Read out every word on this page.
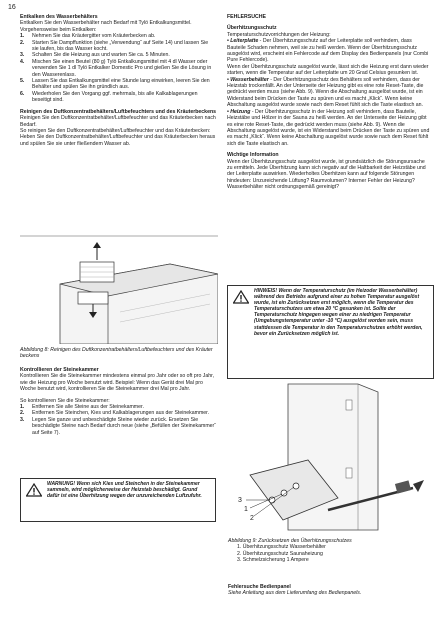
16
Entkalken des Wasserbehälters
Entkalken Sie den Wasserbehälter nach Bedarf mit Tylö Entkalkungsmittel.
Vorgehensweise beim Entkalken:
1. Nehmen Sie das Kräutergitter vom Kräuterbecken ab.
2. Starten Sie Dampffunktion (siehe „Verwendung“ auf Seite 14) und lassen Sie sie laufen, bis das Wasser kocht.
3. Schalten Sie die Heizung aus und warten Sie ca. 5 Minuten.
4. Mischen Sie einen Beutel (80 g) Tylö Entkalkungsmittel mit 4 dl Wasser oder verwenden Sie 1 dl Tylö Entkalker Domestic Pro und gießen Sie die Lösung in den Wasserenlass.
5. Lassen Sie das Entkalkungsmittel eine Stunde lang einwirken, leeren Sie den Behälter und spülen Sie ihn gründlich aus.
6. Wiederholen Sie den Vorgang ggf. mehrmals, bis alle Kalkablagerungen beseitigt sind.
Reinigen des Duftkonzentratbehälters/Luftbefeuchters und des Kräuterbeckens
Reinigen Sie den Duftkonzentratbehälter/Luftbefeuchter und das Kräuterbecken nach Bedarf.
So reinigen Sie den Duftkonzentratbehälter/Luftbefeuchter und das Kräuterbecken:
Heben Sie den Duftkonzentratbehälter/Luftbefeuchter und das Kräuterbecken heraus und spülen Sie sie unter fließendem Wasser ab.
Abbildung 8: Reinigen des Duftkonzentratbehälters/Luftbefeuchters und des Kräuter beckens
Kontrollieren der Steinekammer
Kontrollieren Sie die Steinekammer mindestens einmal pro Jahr oder so oft pro Jahr, wie die Heizung pro Woche benutzt wird. Beispiel: Wenn das Gerät drei Mal pro Woche benutzt wird, kontrollieren Sie die Steinekammer drei Mal pro Jahr.
So kontrollieren Sie die Steinekammer:
1. Entfernen Sie alle Steine aus der Steinekammer.
2. Entfernen Sie Steinchen, Kies und Kalkablagerungen aus der Steinekammer.
3. Legen Sie ganze und unbeschädigte Steine wieder zurück. Ersetzen Sie beschädigte Steine nach Bedarf durch neue (siehe „Befüllen der Steinekammer“ auf Seite 7).
WARNUNG! Wenn sich Kies und Steinchen in der Steinekammer sammeln, wird möglicherweise der Heizstab beschädigt. Grund dafür ist eine Überhitzung wegen der unzureichenden Luftzufuhr.
FEHLERSUCHE
Überhitzungsschutz
Temperaturschutzvorrichtungen der Heizung:
• Leiterplatte - Der Überhitzungsschutz auf der Leiterplatte soll verhindern, dass Bauteile Schaden nehmen, weil sie zu heiß werden. Wenn der Überhitzungsschutz ausgelöst wird, erscheint ein Fehlercode auf dem Display des Bedienpanels (nur Combi Pure Fehlercode).
Wenn der Überhitzungsschutz ausgelöst wurde, lässt sich die Heizung erst dann wieder starten, wenn die Temperatur auf der Leiterplatte um 20 Grad Celsius gesunken ist.
• Wasserbehälter - Der Überhitzungsschutz des Behälters soll verhindern, dass der Heizstab trockenfällt. An der Unterseite der Heizung gibt es eine rote Reset-Taste, die gedrückt werden muss (siehe Abb. 9). Wenn die Abschaltung ausgelöst wurde, ist ein Widerstand beim Drücken der Taste zu spüren und es macht „Klick“. Wenn keine Abschaltung ausgelöst wurde sowie nach dem Reset fühlt sich die Taste elastisch an.
• Heizung - Der Überhitzungsschutz in der Heizung soll verhindern, dass Bauteile, Heizstäbe und Hölzer in der Sauna zu heiß werden. An der Unterseite der Heizung gibt es eine rote Reset-Taste, die gedrückt werden muss (siehe Abb. 9). Wenn die Abschaltung ausgelöst wurde, ist ein Widerstand beim Drücken der Taste zu spüren und es macht „Klick“. Wenn keine Abschaltung ausgelöst wurde sowie nach dem Reset fühlt sich die Taste elastisch an.
Wichtige Information
Wenn der Überhitzungsschutz ausgelöst wurde, ist grundsätzlich die Störungsursache zu ermitteln. Jede Überhitzung kann sich negativ auf die Haltbarkeit der Heizstäbe und der Leiterplatte auswirken. Wiederholtes Überhitzen kann auf folgende Störungen hindeuten: Unzureichende Lüftung? Raumvolumen? Interner Fehler der Heizung? Wasserbehälter nicht ordnungsgemäß gereinigt?
HINWEIS! Wenn der Temperaturschutz (im Heizoder Wasserbehälter) während des Betriebs aufgrund einer zu hohen Temperatur ausgelöst wurde, ist ein Zurücksetzen erst möglich, wenn die Temperatur des Temperaturschutzes um etwa 20 °C gesunken ist. Sollte der Temperaturschutz hingegen wegen einer zu niedrigen Temperatur (Umgebungstemperatur unter -10 °C) ausgelöst worden sein, muss stattdessen die Temperatur in den Temperaturschutzes erhöht werden, bevor ein Zurücksetzen möglich ist.
3
1
2
Abbildung 9: Zurücksetzen des Überhitzungsschutzes
1. Überhitzungsschutz Wasserbehälter
2. Überhitzungsschutz Saunaheizung
3. Schmelzsicherung 1 Ampere
Fehlersuche Bedienpanel
Siehe Anleitung aus dem Lieferumfang des Bedienpanels.
